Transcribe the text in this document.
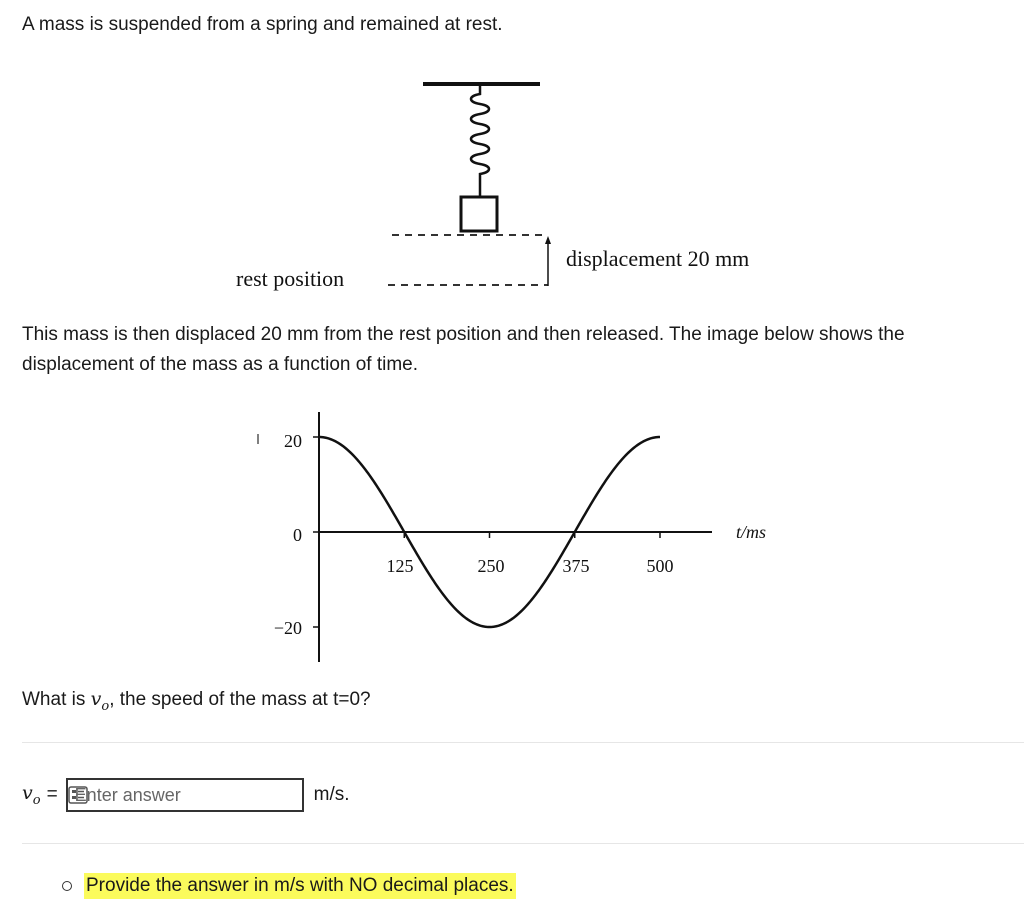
A mass is suspended from a spring and remained at rest.

displacement 20 mm
rest position

This mass is then displaced 20 mm from the rest position and then released. The image below shows the displacement of the mass as a function of time.

20
0
−20
125	250	375	500
t/ms

What is $v_o$, the speed of the mass at t=0?

$v_o$ =
Enter answer	m/s.
Provide the answer in m/s with NO decimal places.
